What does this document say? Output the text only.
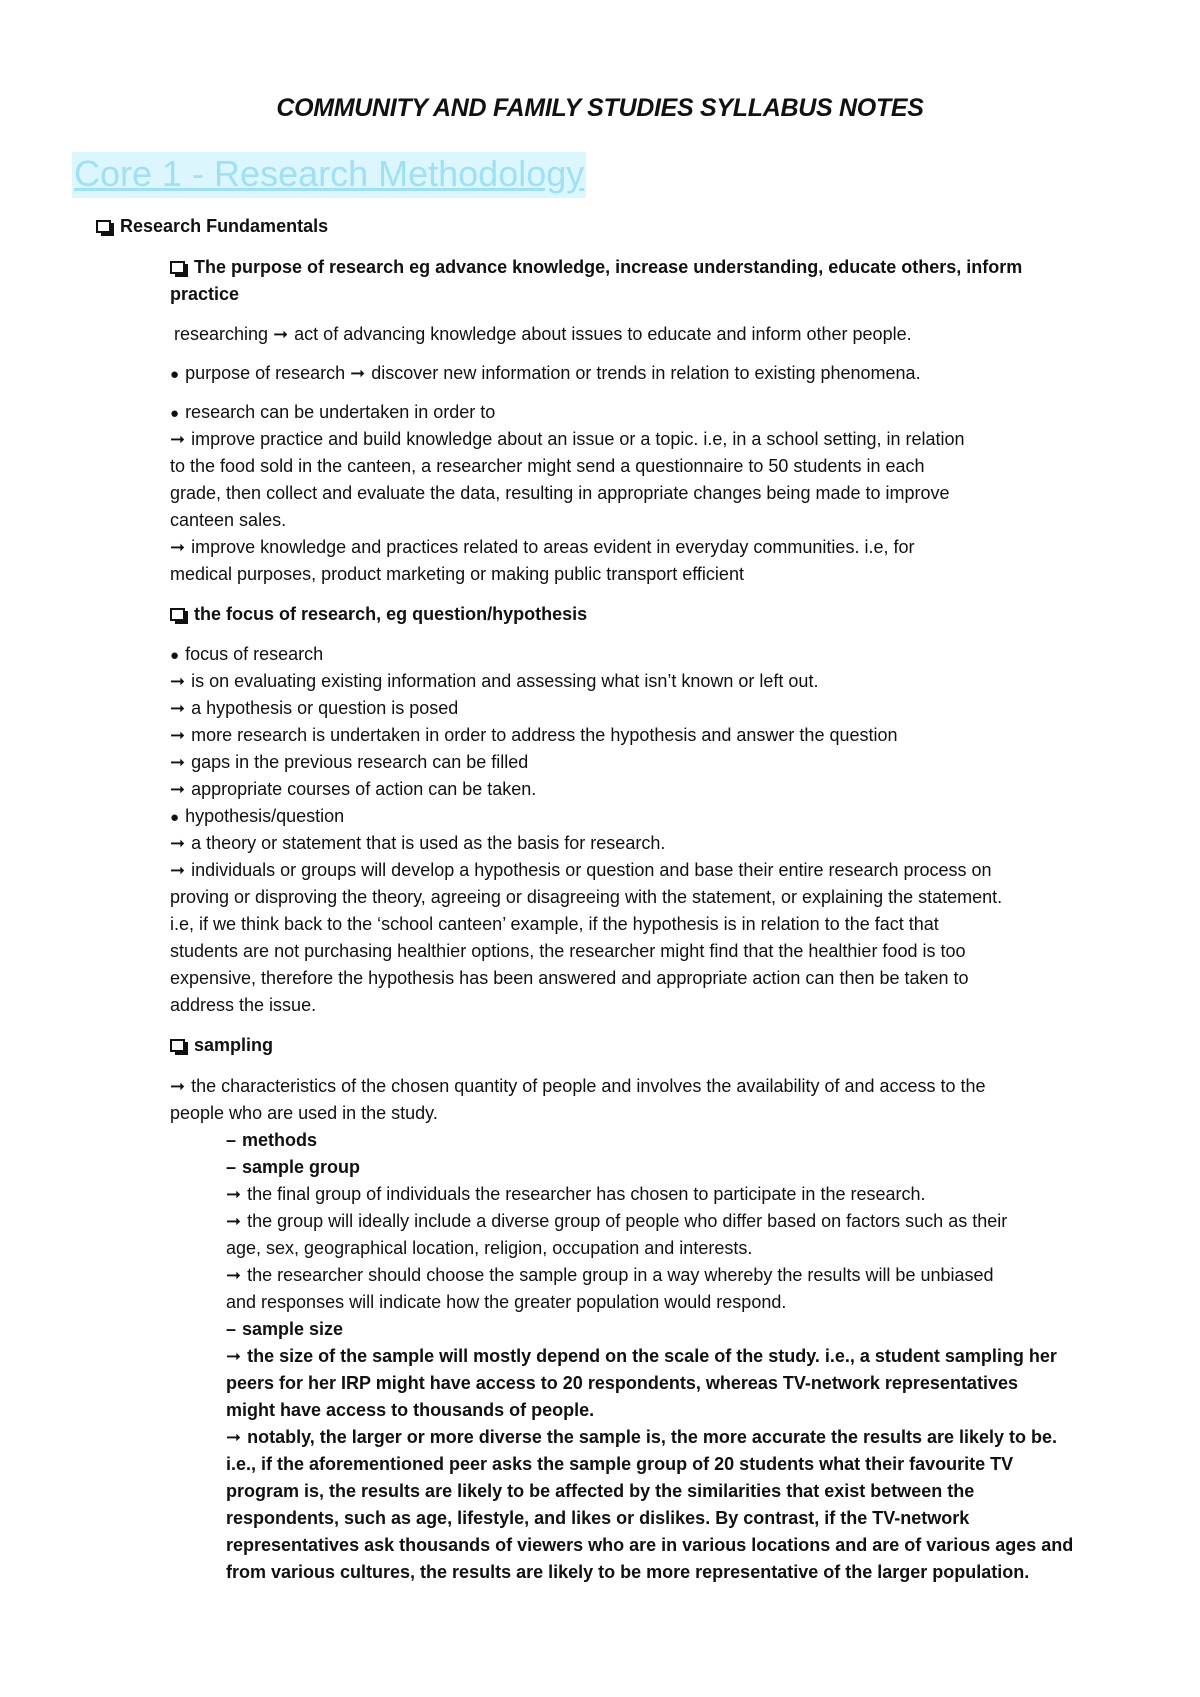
COMMUNITY AND FAMILY STUDIES SYLLABUS NOTES
Core 1 - Research Methodology
Research Fundamentals
The purpose of research eg advance knowledge, increase understanding, educate others, inform
practice
researching ➞ act of advancing knowledge about issues to educate and inform other people.
● purpose of research ➞ discover new information or trends in relation to existing phenomena.
● research can be undertaken in order to
➞ improve practice and build knowledge about an issue or a topic. i.e, in a school setting, in relation
to the food sold in the canteen, a researcher might send a questionnaire to 50 students in each
grade, then collect and evaluate the data, resulting in appropriate changes being made to improve
canteen sales.
➞ improve knowledge and practices related to areas evident in everyday communities. i.e, for
medical purposes, product marketing or making public transport efficient
the focus of research, eg question/hypothesis
● focus of research
➞ is on evaluating existing information and assessing what isn’t known or left out.
➞ a hypothesis or question is posed
➞ more research is undertaken in order to address the hypothesis and answer the question
➞ gaps in the previous research can be filled
➞ appropriate courses of action can be taken.
● hypothesis/question
➞ a theory or statement that is used as the basis for research.
➞ individuals or groups will develop a hypothesis or question and base their entire research process on
proving or disproving the theory, agreeing or disagreeing with the statement, or explaining the statement.
i.e, if we think back to the ‘school canteen’ example, if the hypothesis is in relation to the fact that
students are not purchasing healthier options, the researcher might find that the healthier food is too
expensive, therefore the hypothesis has been answered and appropriate action can then be taken to
address the issue.
sampling
➞ the characteristics of the chosen quantity of people and involves the availability of and access to the
people who are used in the study.
– methods
– sample group
➞ the final group of individuals the researcher has chosen to participate in the research.
➞ the group will ideally include a diverse group of people who differ based on factors such as their
age, sex, geographical location, religion, occupation and interests.
➞ the researcher should choose the sample group in a way whereby the results will be unbiased
and responses will indicate how the greater population would respond.
– sample size
➞ the size of the sample will mostly depend on the scale of the study. i.e., a student sampling her
peers for her IRP might have access to 20 respondents, whereas TV-network representatives
might have access to thousands of people.
➞ notably, the larger or more diverse the sample is, the more accurate the results are likely to be.
i.e., if the aforementioned peer asks the sample group of 20 students what their favourite TV
program is, the results are likely to be affected by the similarities that exist between the
respondents, such as age, lifestyle, and likes or dislikes. By contrast, if the TV-network
representatives ask thousands of viewers who are in various locations and are of various ages and
from various cultures, the results are likely to be more representative of the larger population.
